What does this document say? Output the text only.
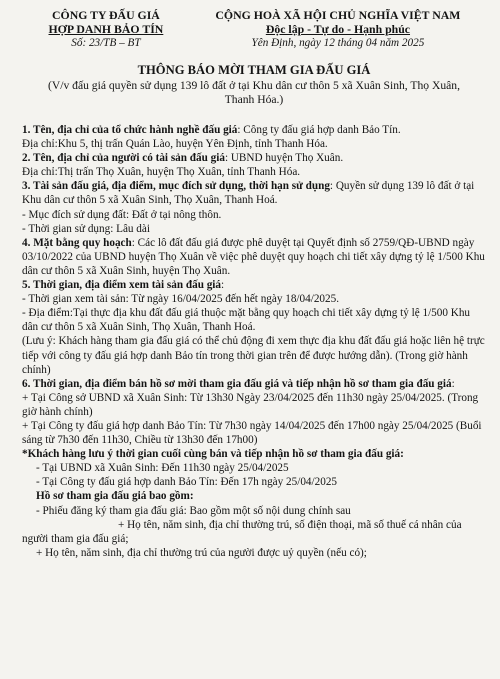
CÔNG TY ĐẤU GIÁ
HỢP DANH BẢO TÍN
Số: 23/TB – BT
CỘNG HOÀ XÃ HỘI CHỦ NGHĨA VIỆT NAM
Độc lập - Tự do - Hạnh phúc
Yên Định, ngày 12 tháng 04 năm 2025
THÔNG BÁO MỜI THAM GIA ĐẤU GIÁ
(V/v đấu giá quyền sử dụng 139 lô đất ở tại Khu dân cư thôn 5 xã Xuân Sinh, Thọ Xuân, Thanh Hóa.)

1. Tên, địa chỉ của tổ chức hành nghề đấu giá: Công ty đấu giá hợp danh Bảo Tín.

Địa chỉ:Khu 5, thị trấn Quán Lào, huyện Yên Định, tỉnh Thanh Hóa.

2. Tên, địa chỉ của người có tài sản đấu giá: UBND huyện Thọ Xuân.

Địa chỉ:Thị trấn Thọ Xuân, huyện Thọ Xuân, tỉnh Thanh Hóa.

3. Tài sản đấu giá, địa điểm, mục đích sử dụng, thời hạn sử dụng: Quyền sử dụng 139 lô đất ở tại Khu dân cư thôn 5 xã Xuân Sinh, Thọ Xuân, Thanh Hoá.

- Mục đích sử dụng đất: Đất ở tại nông thôn.

- Thời gian sử dụng: Lâu dài

4. Mặt bằng quy hoạch: Các lô đất đấu giá được phê duyệt tại Quyết định số 2759/QĐ-UBND ngày 03/10/2022 của UBND huyện Thọ Xuân về việc phê duyệt quy hoạch chi tiết xây dựng tỷ lệ 1/500 Khu dân cư thôn 5 xã Xuân Sinh, huyện Thọ Xuân.

5. Thời gian, địa điểm xem tài sản đấu giá:

- Thời gian xem tài sản: Từ ngày 16/04/2025 đến hết ngày 18/04/2025.

- Địa điểm:Tại thực địa khu đất đấu giá thuộc mặt bằng quy hoạch chi tiết xây dựng tỷ lệ 1/500 Khu dân cư thôn 5 xã Xuân Sinh, Thọ Xuân, Thanh Hoá.

(Lưu ý: Khách hàng tham gia đấu giá có thể chủ động đi xem thực địa khu đất đấu giá hoặc liên hệ trực tiếp với công ty đấu giá hợp danh Bảo tín trong thời gian trên để được hướng dẫn). (Trong giờ hành chính)

6. Thời gian, địa điểm bán hồ sơ mời tham gia đấu giá và tiếp nhận hồ sơ tham gia đấu giá:

+ Tại Công sở UBND xã Xuân Sinh: Từ 13h30 Ngày 23/04/2025 đến 11h30 ngày 25/04/2025. (Trong giờ hành chính)

+ Tại Công ty đấu giá hợp danh Bảo Tín: Từ 7h30 ngày 14/04/2025 đến 17h00 ngày 25/04/2025 (Buổi sáng từ 7h30 đến 11h30, Chiều từ 13h30 đến 17h00)

*Khách hàng lưu ý thời gian cuối cùng bán và tiếp nhận hồ sơ tham gia đấu giá:

- Tại UBND xã Xuân Sinh: Đến 11h30 ngày 25/04/2025

- Tại Công ty đấu giá hợp danh Bảo Tín: Đến 17h ngày 25/04/2025

Hồ sơ tham gia đấu giá bao gồm:

- Phiếu đăng ký tham gia đấu giá: Bao gồm một số nội dung chính sau

+ Họ tên, năm sinh, địa chỉ thường trú, số điện thoại, mã số thuế cá nhân của người tham gia đấu giá;

+ Họ tên, năm sinh, địa chỉ thường trú của người được uỷ quyền (nếu có);
